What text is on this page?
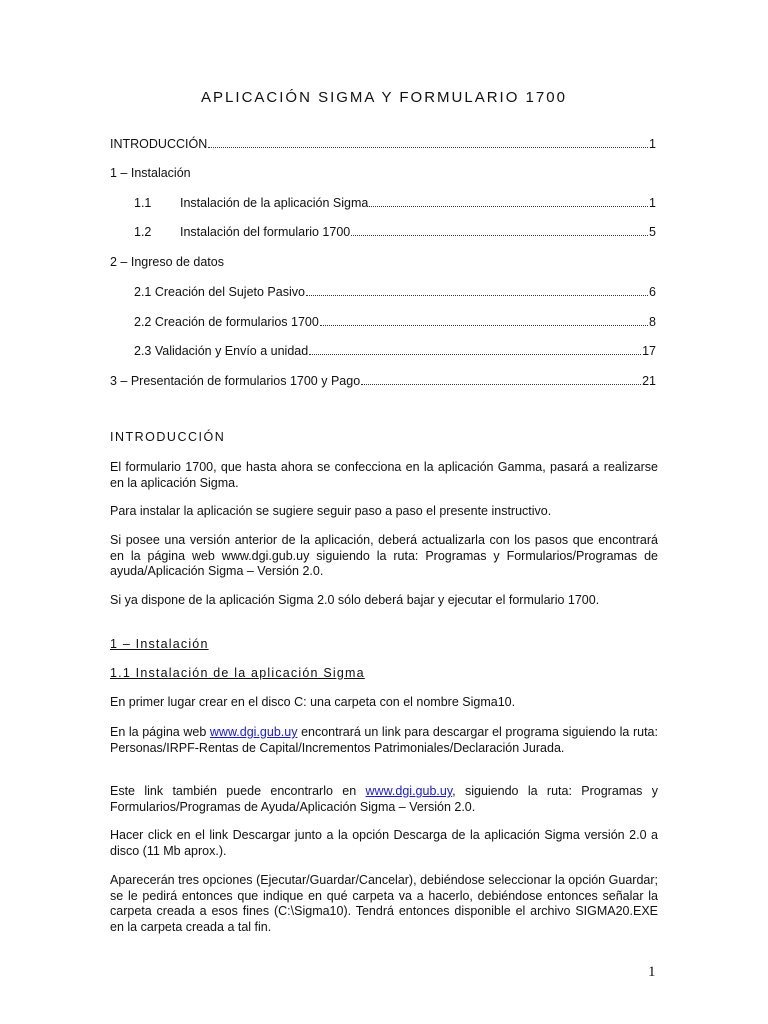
APLICACIÓN SIGMA Y FORMULARIO 1700
INTRODUCCIÓN	1
1 – Instalación
1.1 Instalación de la aplicación Sigma	1
1.2 Instalación del formulario 1700	5
2 – Ingreso de datos
2.1 Creación del Sujeto Pasivo	6
2.2 Creación de formularios 1700	8
2.3 Validación y Envío a unidad	17
3 – Presentación de formularios 1700 y Pago	21
INTRODUCCIÓN
El formulario 1700, que hasta ahora se confecciona en la aplicación Gamma, pasará a realizarse en la aplicación Sigma.
Para instalar la aplicación se sugiere seguir paso a paso el presente instructivo.
Si posee una versión anterior de la aplicación, deberá actualizarla con los pasos que encontrará en la página web www.dgi.gub.uy siguiendo la ruta: Programas y Formularios/Programas de ayuda/Aplicación Sigma – Versión 2.0.
Si ya dispone de la aplicación Sigma 2.0 sólo deberá bajar y ejecutar el formulario 1700.
1 – Instalación
1.1 Instalación de la aplicación Sigma
En primer lugar crear en el disco C: una carpeta con el nombre Sigma10.
En la página web www.dgi.gub.uy encontrará un link para descargar el programa siguiendo la ruta: Personas/IRPF-Rentas de Capital/Incrementos Patrimoniales/Declaración Jurada.
Este link también puede encontrarlo en www.dgi.gub.uy, siguiendo la ruta: Programas y Formularios/Programas de Ayuda/Aplicación Sigma – Versión 2.0.
Hacer click en el link Descargar junto a la opción Descarga de la aplicación Sigma versión 2.0 a disco (11 Mb aprox.).
Aparecerán tres opciones (Ejecutar/Guardar/Cancelar), debiéndose seleccionar la opción Guardar; se le pedirá entonces que indique en qué carpeta va a hacerlo, debiéndose entonces señalar la carpeta creada a esos fines (C:\Sigma10). Tendrá entonces disponible el archivo SIGMA20.EXE en la carpeta creada a tal fin.
1
